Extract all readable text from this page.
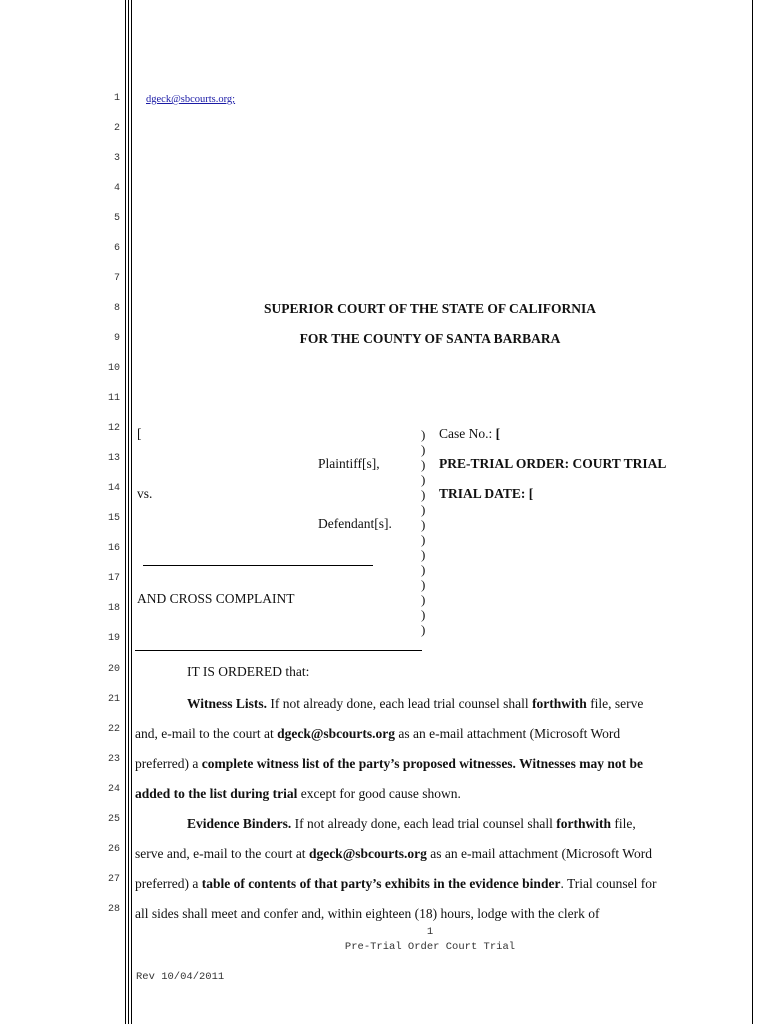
1
2
3
4
5
6
7
8
9
10
11
12
13
14
15
16
17
18
19
20
21
22
23
24
25
26
27
28
dgeck@sbcourts.org;
SUPERIOR COURT OF THE STATE OF CALIFORNIA
FOR THE COUNTY OF SANTA BARBARA
[
Plaintiff[s],
vs.
Defendant[s].
AND CROSS COMPLAINT
)
)
)
)
)
)
)
)
)
)
)
)
)
)
Case No.: [
PRE-TRIAL ORDER: COURT TRIAL
TRIAL DATE: [
IT IS ORDERED that:
Witness Lists. If not already done, each lead trial counsel shall forthwith file, serve
and, e-mail to the court at dgeck@sbcourts.org as an e-mail attachment (Microsoft Word
preferred) a complete witness list of the party’s proposed witnesses. Witnesses may not be
added to the list during trial except for good cause shown.
Evidence Binders. If not already done, each lead trial counsel shall forthwith file,
serve and, e-mail to the court at dgeck@sbcourts.org as an e-mail attachment (Microsoft Word
preferred) a table of contents of that party’s exhibits in the evidence binder. Trial counsel for
all sides shall meet and confer and, within eighteen (18) hours, lodge with the clerk of
1
Pre-Trial Order Court Trial
Rev 10/04/2011
